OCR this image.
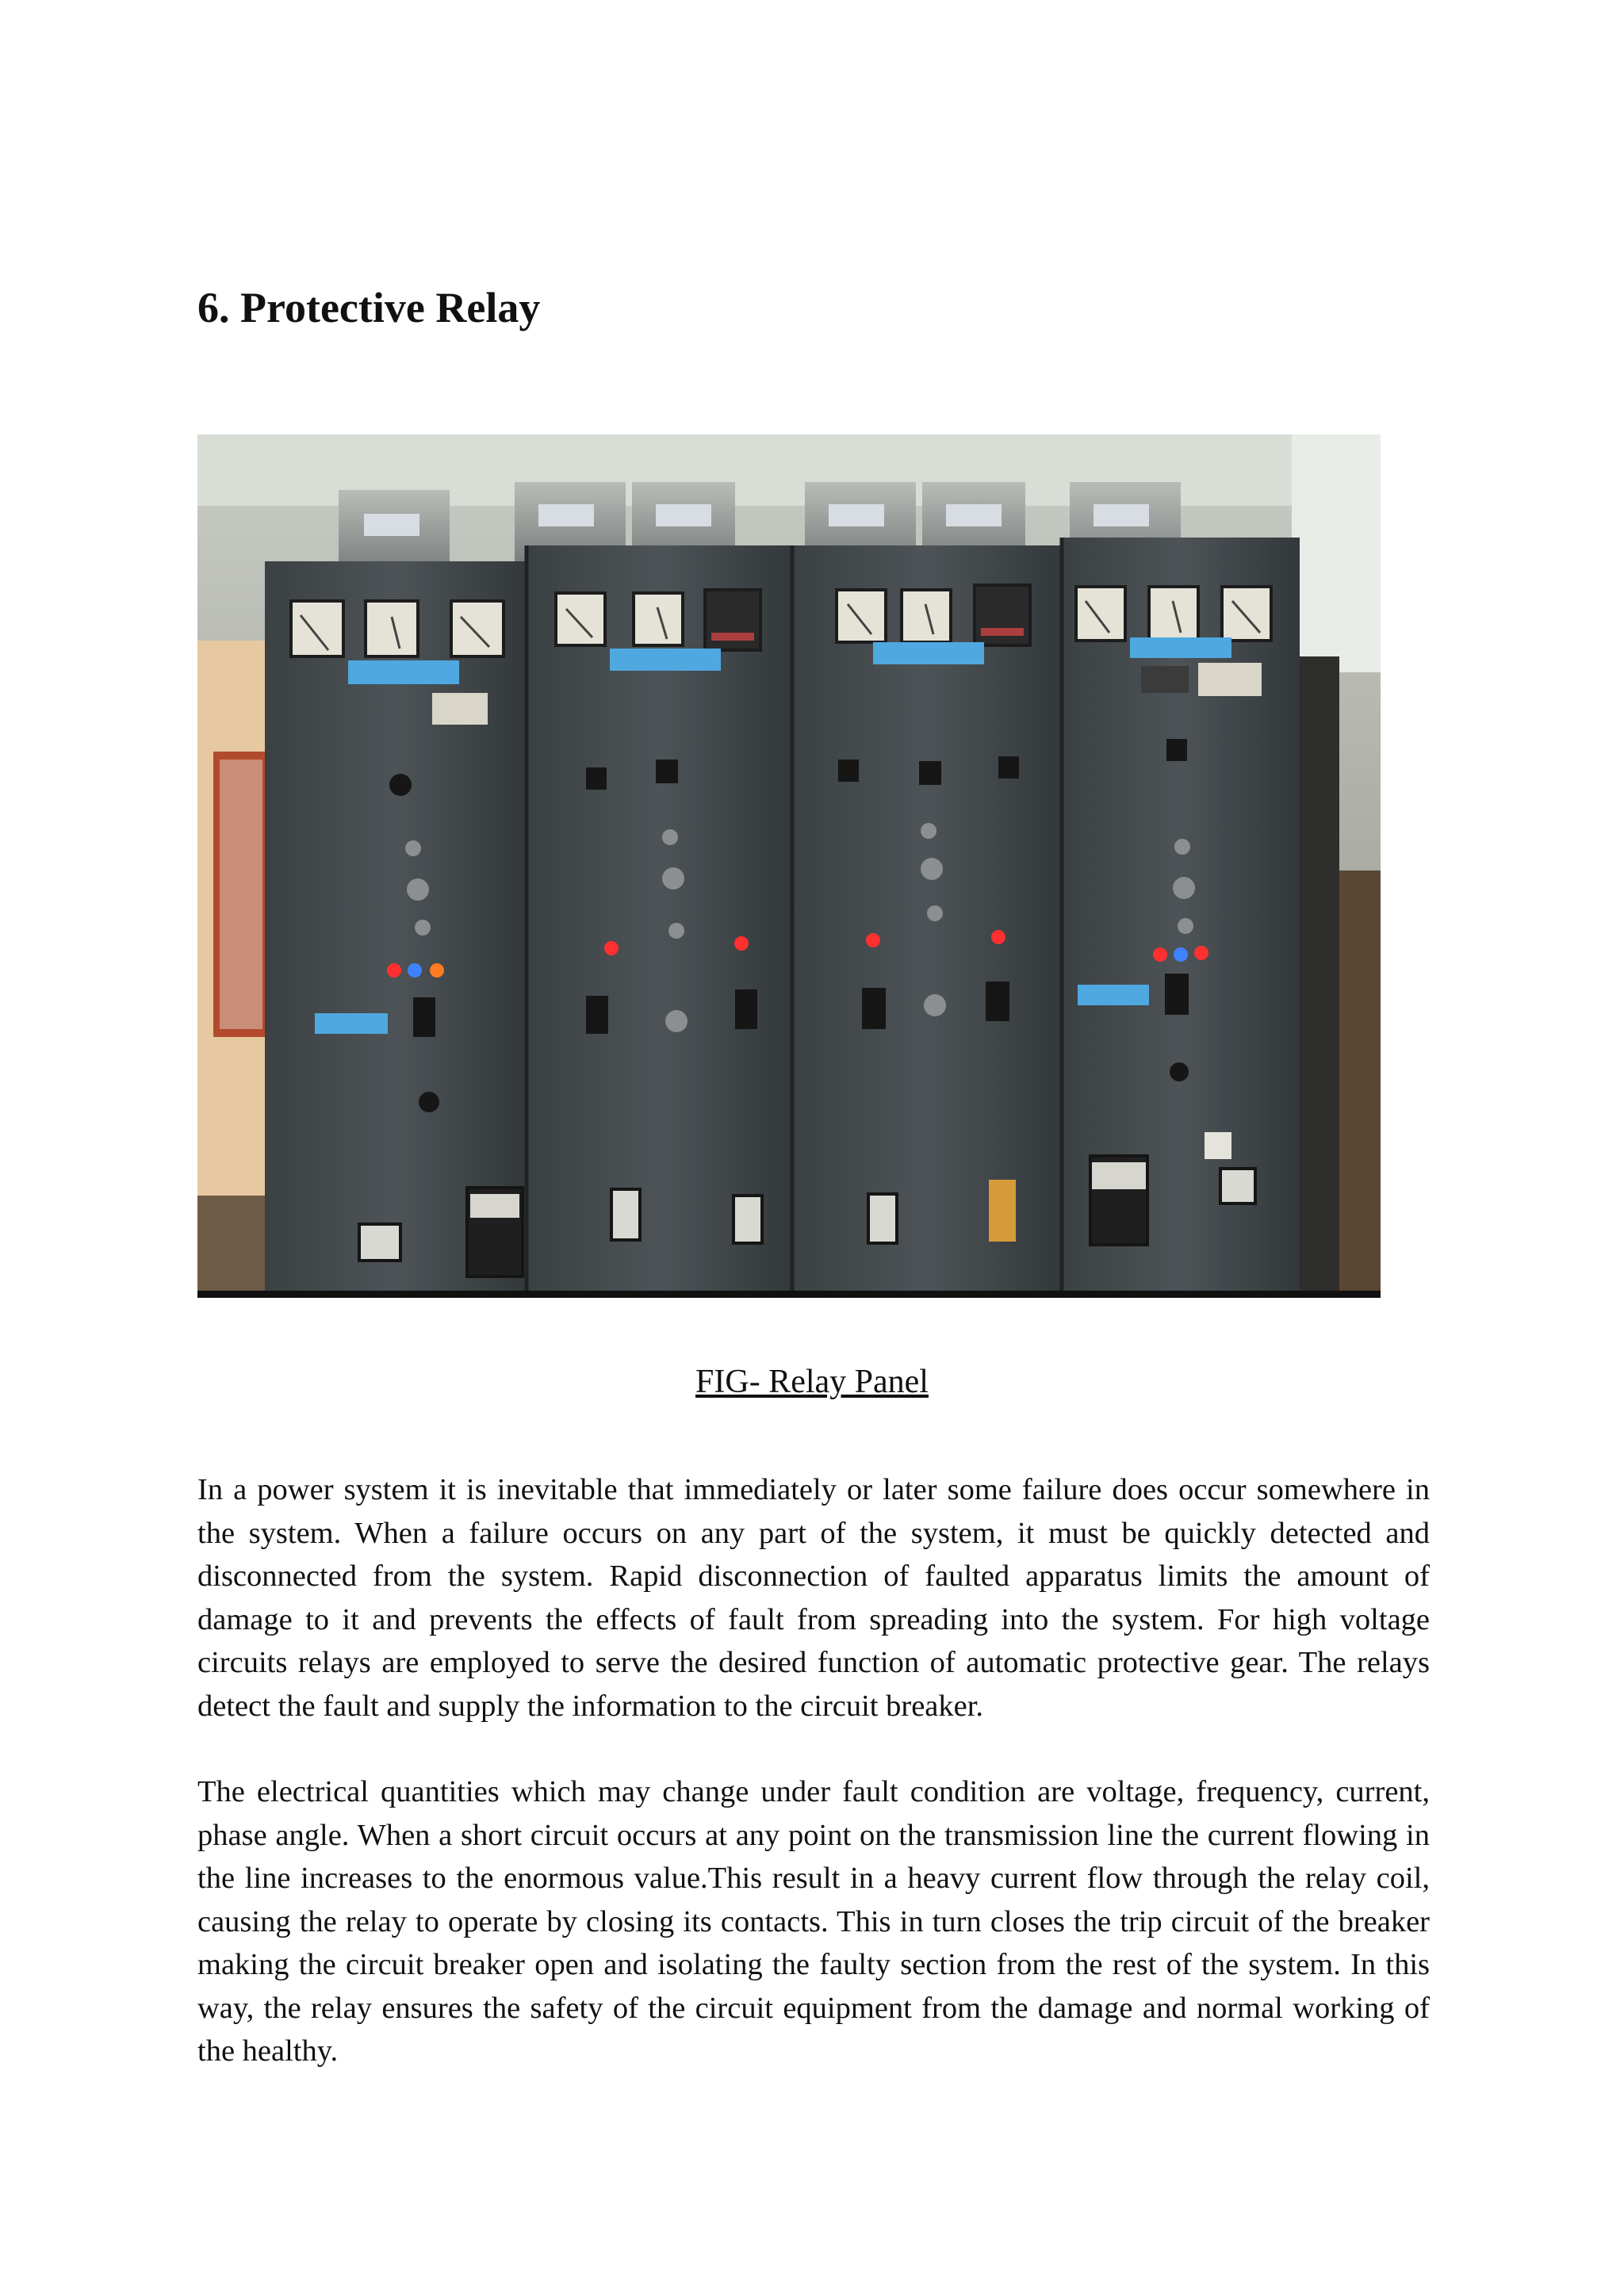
6. Protective Relay
FIG- Relay Panel

In a power system it is inevitable that immediately or later some failure does occur somewhere in the system. When a failure occurs on any part of the system, it must be quickly detected and disconnected from the system. Rapid disconnection of faulted apparatus limits the amount of damage to it and prevents the effects of fault from spreading into the system. For high voltage circuits relays are employed to serve the desired function of automatic protective gear. The relays detect the fault and supply the information to the circuit breaker.

The electrical quantities which may change under fault condition are voltage, frequency, current, phase angle. When a short circuit occurs at any point on the transmission line the current flowing in the line increases to the enormous value.This result in a heavy current flow through the relay coil, causing the relay to operate by closing its contacts. This in turn closes the trip circuit of the breaker making the circuit breaker open and isolating the faulty section from the rest of the system. In this way, the relay ensures the safety of the circuit equipment from the damage and normal working of the healthy.
